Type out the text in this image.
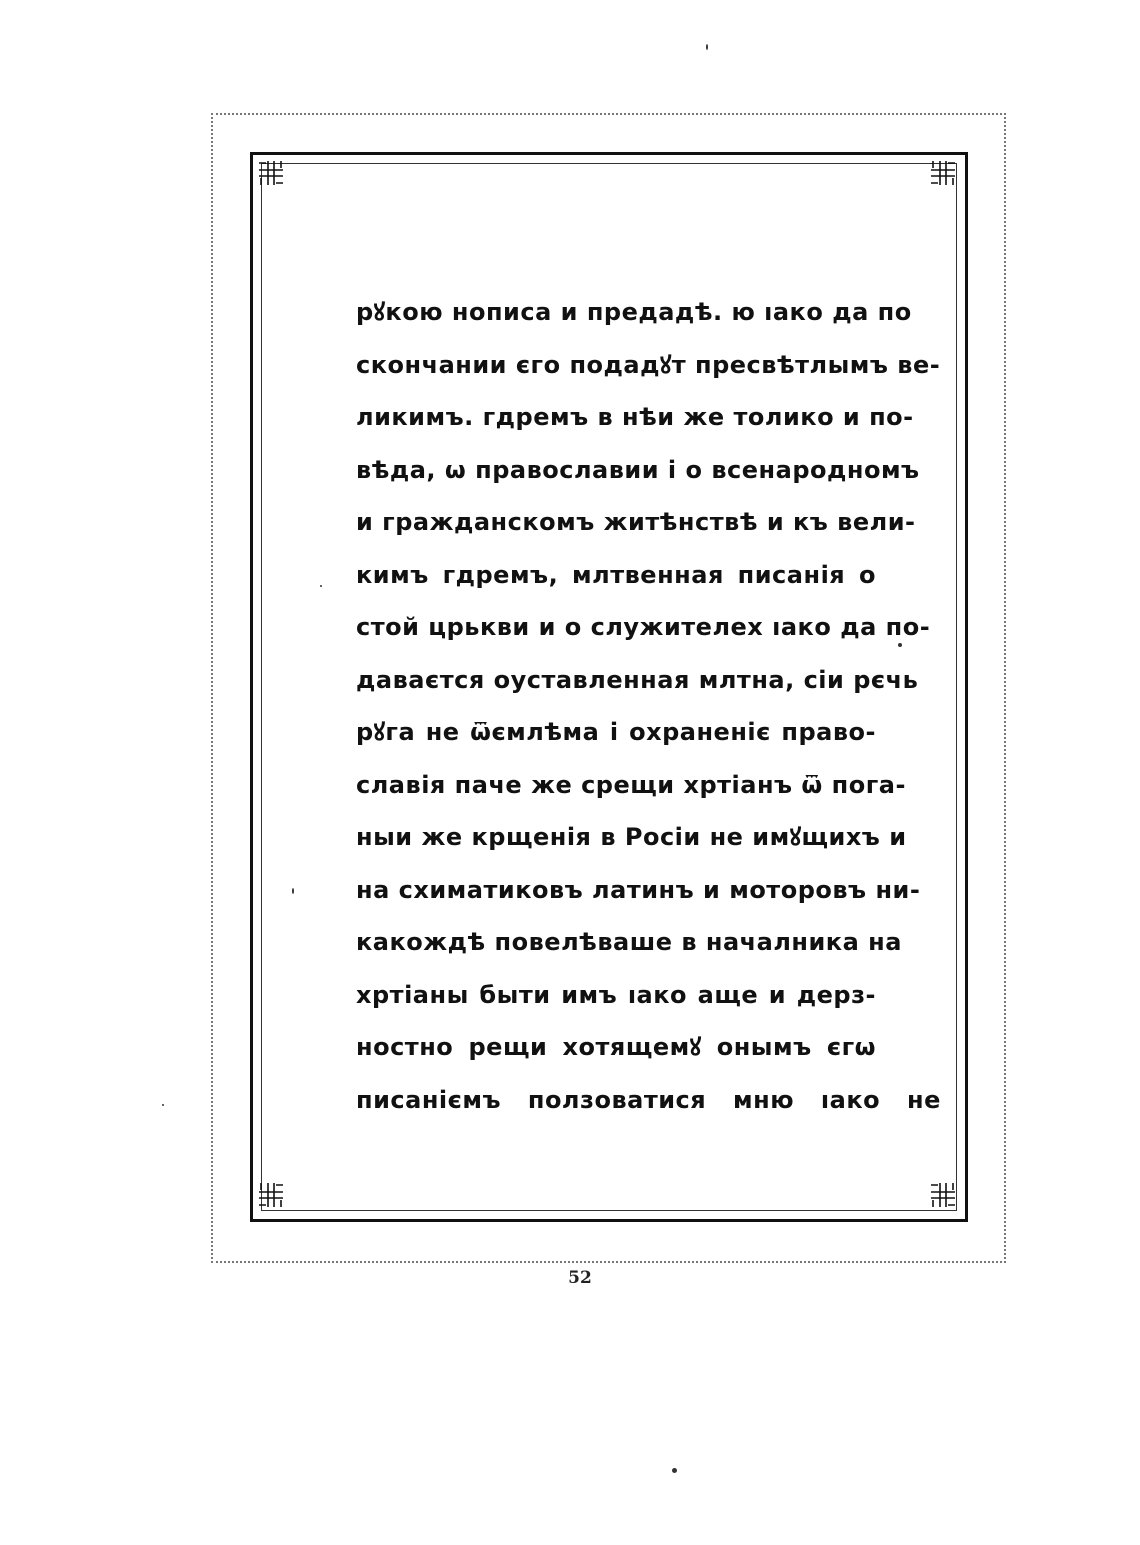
рꙋкою нописа и предадѣ. ю ıако да по
скончании єго подадꙋт пресвѣтлымъ ве-
ликимъ. гдремъ в нѣи же толико и по-
вѣда, ѡ православии і о всенародномъ
и гражданскомъ житѣнствѣ и къ вели-
кимъ гдремъ, млтвенная писанія о
стой црькви и о служителех ıако да по-
даваєтся оуставленная млтна, сіи рєчь
рꙋга не ѿємлѣма і охраненіє право-
славія паче же срещи хртіанъ ѿ пога-
ныи же крщенія в Росіи не имꙋщихъ и
на схиматиковъ латинъ и моторовъ ни-
какождѣ повелѣваше в началника на
хртіаны быти имъ ıако аще и дерз-
ностно рещи хотящемꙋ онымъ єгѡ
писаніємъ ползоватися мню ıако не
52
